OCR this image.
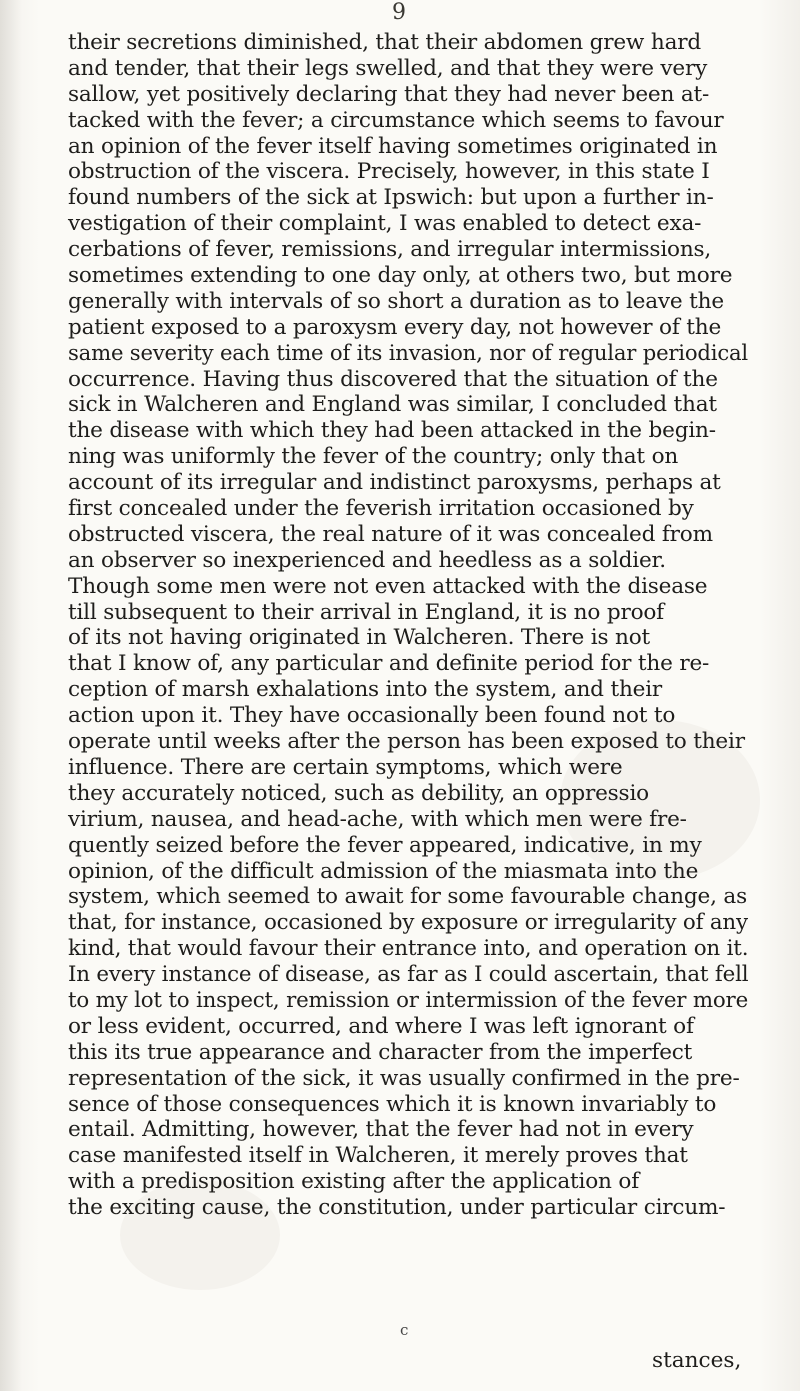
9
their secretions diminished, that their abdomen grew hard
and tender, that their legs swelled, and that they were very
sallow, yet positively declaring that they had never been at-
tacked with the fever; a circumstance which seems to favour
an opinion of the fever itself having sometimes originated in
obstruction of the viscera. Precisely, however, in this state I
found numbers of the sick at Ipswich: but upon a further in-
vestigation of their complaint, I was enabled to detect exa-
cerbations of fever, remissions, and irregular intermissions,
sometimes extending to one day only, at others two, but more
generally with intervals of so short a duration as to leave the
patient exposed to a paroxysm every day, not however of the
same severity each time of its invasion, nor of regular periodical
occurrence. Having thus discovered that the situation of the
sick in Walcheren and England was similar, I concluded that
the disease with which they had been attacked in the begin-
ning was uniformly the fever of the country; only that on
account of its irregular and indistinct paroxysms, perhaps at
first concealed under the feverish irritation occasioned by
obstructed viscera, the real nature of it was concealed from
an observer so inexperienced and heedless as a soldier.
Though some men were not even attacked with the disease
till subsequent to their arrival in England, it is no proof
of its not having originated in Walcheren. There is not
that I know of, any particular and definite period for the re-
ception of marsh exhalations into the system, and their
action upon it. They have occasionally been found not to
operate until weeks after the person has been exposed to their
influence. There are certain symptoms, which were
they accurately noticed, such as debility, an oppressio
virium, nausea, and head-ache, with which men were fre-
quently seized before the fever appeared, indicative, in my
opinion, of the difficult admission of the miasmata into the
system, which seemed to await for some favourable change, as
that, for instance, occasioned by exposure or irregularity of any
kind, that would favour their entrance into, and operation on it.
In every instance of disease, as far as I could ascertain, that fell
to my lot to inspect, remission or intermission of the fever more
or less evident, occurred, and where I was left ignorant of
this its true appearance and character from the imperfect
representation of the sick, it was usually confirmed in the pre-
sence of those consequences which it is known invariably to
entail. Admitting, however, that the fever had not in every
case manifested itself in Walcheren, it merely proves that
with a predisposition existing after the application of
the exciting cause, the constitution, under particular circum-
c
stances,
